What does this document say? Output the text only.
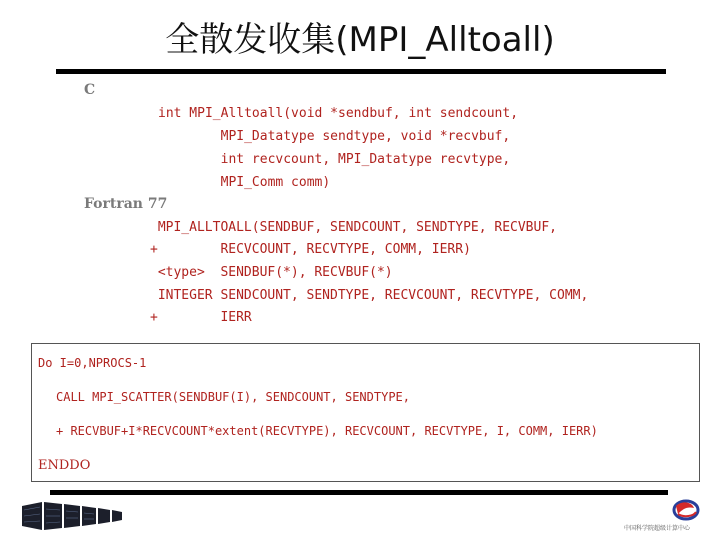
全散发收集(MPI_Alltoall)
C
int MPI_Alltoall(void *sendbuf, int sendcount,
MPI_Datatype sendtype, void *recvbuf,
int recvcount, MPI_Datatype recvtype,
MPI_Comm comm)
Fortran 77
MPI_ALLTOALL(SENDBUF, SENDCOUNT, SENDTYPE, RECVBUF,
+        RECVCOUNT, RECVTYPE, COMM, IERR)
<type>  SENDBUF(*), RECVBUF(*)
INTEGER SENDCOUNT, SENDTYPE, RECVCOUNT, RECVTYPE, COMM,
+        IERR
Do I=0,NPROCS-1
CALL MPI_SCATTER(SENDBUF(I), SENDCOUNT, SENDTYPE,
+ RECVBUF+I*RECVCOUNT*extent(RECVTYPE), RECVCOUNT, RECVTYPE, I, COMM, IERR)
ENDDO
中国科学院超级计算中心
